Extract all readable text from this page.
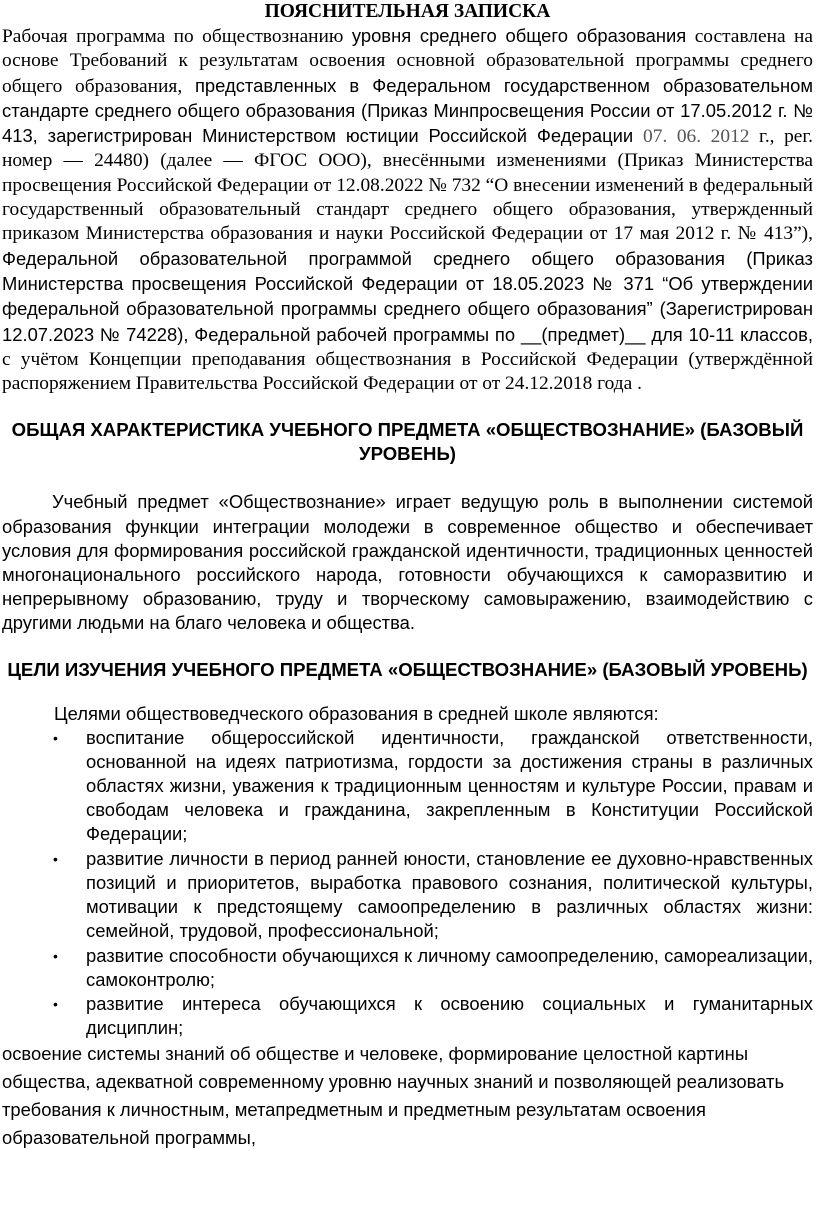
ПОЯСНИТЕЛЬНАЯ ЗАПИСКА

Рабочая программа по обществознанию уровня среднего общего образования составлена на основе Требований к результатам освоения основной образовательной программы среднего общего образования, представленных в Федеральном государственном образовательном стандарте среднего общего образования (Приказ Минпросвещения России от 17.05.2012 г. № 413, зарегистрирован Министерством юстиции Российской Федерации 07. 06. 2012 г., рег. номер — 24480) (далее — ФГОС ООО), внесёнными изменениями (Приказ Министерства просвещения Российской Федерации от 12.08.2022 № 732 “О внесении изменений в федеральный государственный образовательный стандарт среднего общего образования, утвержденный приказом Министерства образования и науки Российской Федерации от 17 мая 2012 г. № 413”), Федеральной образовательной программой среднего общего образования (Приказ Министерства просвещения Российской Федерации от 18.05.2023 № 371 “Об утверждении федеральной образовательной программы среднего общего образования” (Зарегистрирован 12.07.2023 № 74228), Федеральной рабочей программы по __(предмет)__ для 10-11 классов, с учётом Концепции преподавания обществознания в Российской Федерации (утверждённой распоряжением Правительства Российской Федерации от от 24.12.2018 года .

ОБЩАЯ ХАРАКТЕРИСТИКА УЧЕБНОГО ПРЕДМЕТА «ОБЩЕСТВОЗНАНИЕ» (БАЗОВЫЙ УРОВЕНЬ)

Учебный предмет «Обществознание» играет ведущую роль в выполнении системой образования функции интеграции молодежи в современное общество и обеспечивает условия для формирования российской гражданской идентичности, традиционных ценностей многонационального российского народа, готовности обучающихся к саморазвитию и непрерывному образованию, труду и творческому самовыражению, взаимодействию с другими людьми на благо человека и общества.

ЦЕЛИ ИЗУЧЕНИЯ УЧЕБНОГО ПРЕДМЕТА «ОБЩЕСТВОЗНАНИЕ» (БАЗОВЫЙ УРОВЕНЬ)

Целями обществоведческого образования в средней школе являются:

• воспитание общероссийской идентичности, гражданской ответственности, основанной на идеях патриотизма, гордости за достижения страны в различных областях жизни, уважения к традиционным ценностям и культуре России, правам и свободам человека и гражданина, закрепленным в Конституции Российской Федерации;
• развитие личности в период ранней юности, становление ее духовно-нравственных позиций и приоритетов, выработка правового сознания, политической культуры, мотивации к предстоящему самоопределению в различных областях жизни: семейной, трудовой, профессиональной;
• развитие способности обучающихся к личному самоопределению, самореализации, самоконтролю;
• развитие интереса обучающихся к освоению социальных и гуманитарных дисциплин;

освоение системы знаний об обществе и человеке, формирование целостной картины общества, адекватной современному уровню научных знаний и позволяющей реализовать требования к личностным, метапредметным и предметным результатам освоения образовательной программы,
